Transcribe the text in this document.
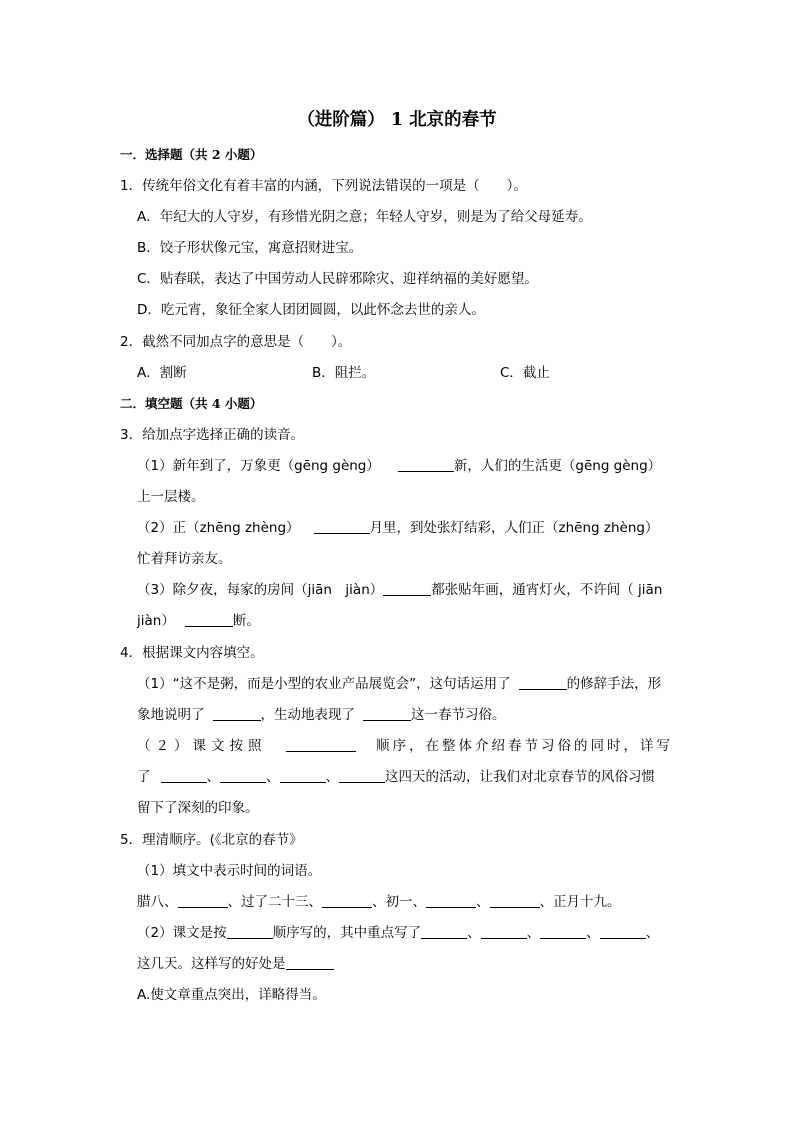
（进阶篇） 1 北京的春节
一．选择题（共 2 小题）
1．传统年俗文化有着丰富的内涵，下列说法错误的一项是（　　）。
A．年纪大的人守岁，有珍惜光阴之意；年轻人守岁，则是为了给父母延寿。
B．饺子形状像元宝，寓意招财进宝。
C．贴春联，表达了中国劳动人民辟邪除灾、迎祥纳福的美好愿望。
D．吃元宵，象征全家人团团圆圆，以此怀念去世的亲人。
2．截然不同加点字的意思是（　　）。
A．割断	B．阻拦。	C．截止
二．填空题（共 4 小题）
3．给加点字选择正确的读音。
（1）新年到了，万象更（gēng gèng）	新，人们的生活更（gēng gèng）
上一层楼。
（2）正（zhēng zhèng）	月里，到处张灯结彩，人们正（zhēng zhèng）
忙着拜访亲友。
（3）除夕夜，每家的房间（jiān　jiàn）	都张贴年画，通宵灯火，不许间（ jiān
jiàn）	断。
4．根据课文内容填空。
（1）“这不是粥，而是小型的农业产品展览会”，这句话运用了	的修辞手法，形
象地说明了	，生动地表现了	这一春节习俗。
（２）课文按照	顺序，在整体介绍春节习俗的同时，详写
了	、	、	、	这四天的活动，让我们对北京春节的风俗习惯
留下了深刻的印象。
5．理清顺序。(《北京的春节》
（1）填文中表示时间的词语。
腊八、	、过了二十三、	、初一、	、	、正月十九。
（2）课文是按	顺序写的，其中重点写了	、	、	、	、
这几天。这样写的好处是
A.使文章重点突出，详略得当。
